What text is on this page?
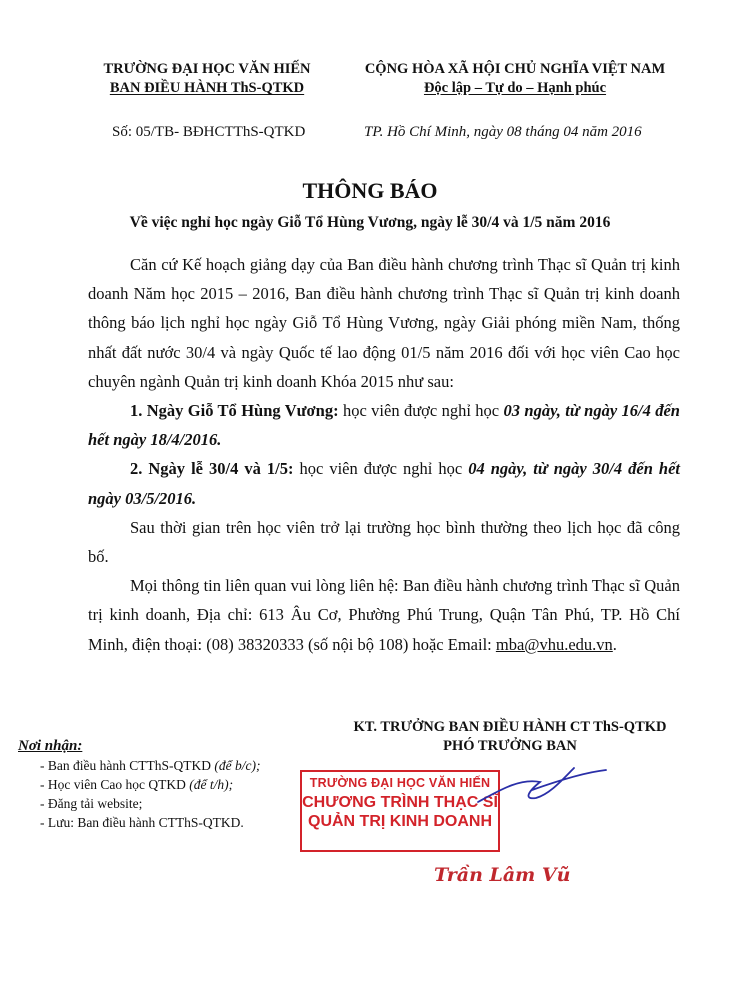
TRƯỜNG ĐẠI HỌC VĂN HIẾN
BAN ĐIỀU HÀNH ThS-QTKD
CỘNG HÒA XÃ HỘI CHỦ NGHĨA VIỆT NAM
Độc lập – Tự do – Hạnh phúc
Số: 05/TB- BĐHCTThS-QTKD	TP. Hồ Chí Minh, ngày 08 tháng 04 năm 2016
THÔNG BÁO
Về việc nghỉ học ngày Giỗ Tổ Hùng Vương, ngày lễ 30/4 và 1/5 năm 2016

Căn cứ Kế hoạch giảng dạy của Ban điều hành chương trình Thạc sĩ Quản trị kinh doanh Năm học 2015 – 2016, Ban điều hành chương trình Thạc sĩ Quản trị kinh doanh thông báo lịch nghỉ học ngày Giỗ Tổ Hùng Vương, ngày Giải phóng miền Nam, thống nhất đất nước 30/4 và ngày Quốc tế lao động 01/5 năm 2016 đối với học viên Cao học chuyên ngành Quản trị kinh doanh Khóa 2015 như sau:

1. Ngày Giỗ Tổ Hùng Vương: học viên được nghỉ học 03 ngày, từ ngày 16/4 đến hết ngày 18/4/2016.

2. Ngày lễ 30/4 và 1/5: học viên được nghỉ học 04 ngày, từ ngày 30/4 đến hết ngày 03/5/2016.

Sau thời gian trên học viên trở lại trường học bình thường theo lịch học đã công bố.

Mọi thông tin liên quan vui lòng liên hệ: Ban điều hành chương trình Thạc sĩ Quản trị kinh doanh, Địa chỉ: 613 Âu Cơ, Phường Phú Trung, Quận Tân Phú, TP. Hồ Chí Minh, điện thoại: (08) 38320333 (số nội bộ 108) hoặc Email: mba@vhu.edu.vn.

KT. TRƯỞNG BAN ĐIỀU HÀNH CT ThS-QTKD
PHÓ TRƯỞNG BAN
Nơi nhận:
- Ban điều hành CTThS-QTKD (để b/c);
- Học viên Cao học QTKD (để t/h);
- Đăng tải website;
- Lưu: Ban điều hành CTThS-QTKD.
TRƯỜNG ĐẠI HỌC VĂN HIẾN
CHƯƠNG TRÌNH THẠC SĨ
QUẢN TRỊ KINH DOANH
Trần Lâm Vũ
